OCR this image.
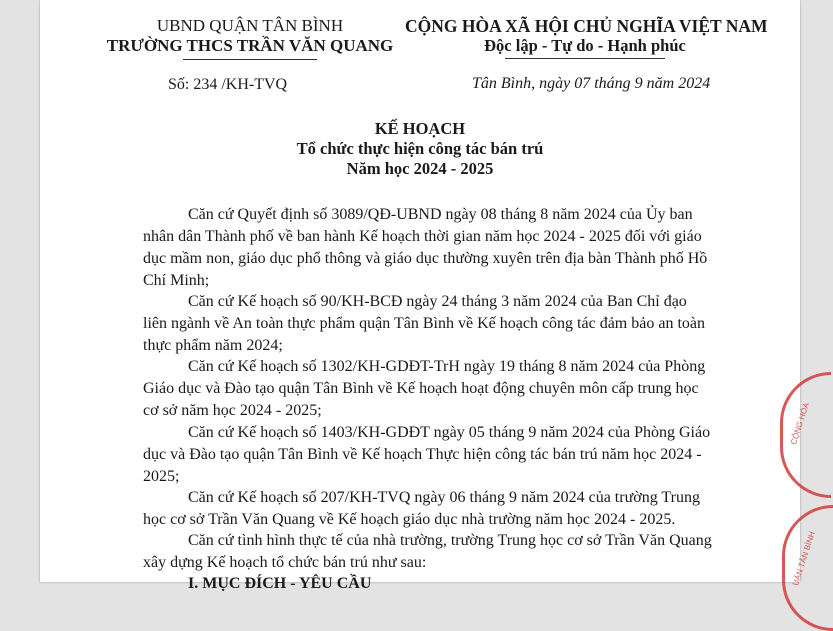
UBND QUẬN TÂN BÌNH
TRƯỜNG THCS TRẦN VĂN QUANG
CỘNG HÒA XÃ HỘI CHỦ NGHĨA VIỆT NAM
Độc lập - Tự do - Hạnh phúc
Số: 234 /KH-TVQ	Tân Bình, ngày 07 tháng 9 năm 2024
KẾ HOẠCH
Tổ chức thực hiện công tác bán trú
Năm học 2024 - 2025
Căn cứ Quyết định số 3089/QĐ-UBND ngày 08 tháng 8 năm 2024 của Ủy ban
nhân dân Thành phố về ban hành Kế hoạch thời gian năm học 2024 - 2025 đối với giáo
dục mầm non, giáo dục phổ thông và giáo dục thường xuyên trên địa bàn Thành phố Hồ
Chí Minh;
Căn cứ Kế hoạch số 90/KH-BCĐ ngày 24 tháng 3 năm 2024 của Ban Chỉ đạo
liên ngành về An toàn thực phẩm quận Tân Bình về Kế hoạch công tác đảm bảo an toàn
thực phẩm năm 2024;
Căn cứ Kế hoạch số 1302/KH-GDĐT-TrH ngày 19 tháng 8 năm 2024 của Phòng
Giáo dục và Đào tạo quận Tân Bình về Kế hoạch hoạt động chuyên môn cấp trung học
cơ sở năm học 2024 - 2025;
Căn cứ Kế hoạch số 1403/KH-GDĐT ngày 05 tháng 9 năm 2024 của Phòng Giáo
dục và Đào tạo quận Tân Bình về Kế hoạch Thực hiện công tác bán trú năm học 2024 -
2025;
Căn cứ Kế hoạch số 207/KH-TVQ ngày 06 tháng 9 năm 2024 của trường Trung
học cơ sở Trần Văn Quang về Kế hoạch giáo dục nhà trường năm học 2024 - 2025.
Căn cứ tình hình thực tế của nhà trường, trường Trung học cơ sở Trần Văn Quang
xây dựng Kế hoạch tổ chức bán trú như sau:
I. MỤC ĐÍCH - YÊU CẦU
CỘNG HÒA
UẬN TÂN BÌNH
